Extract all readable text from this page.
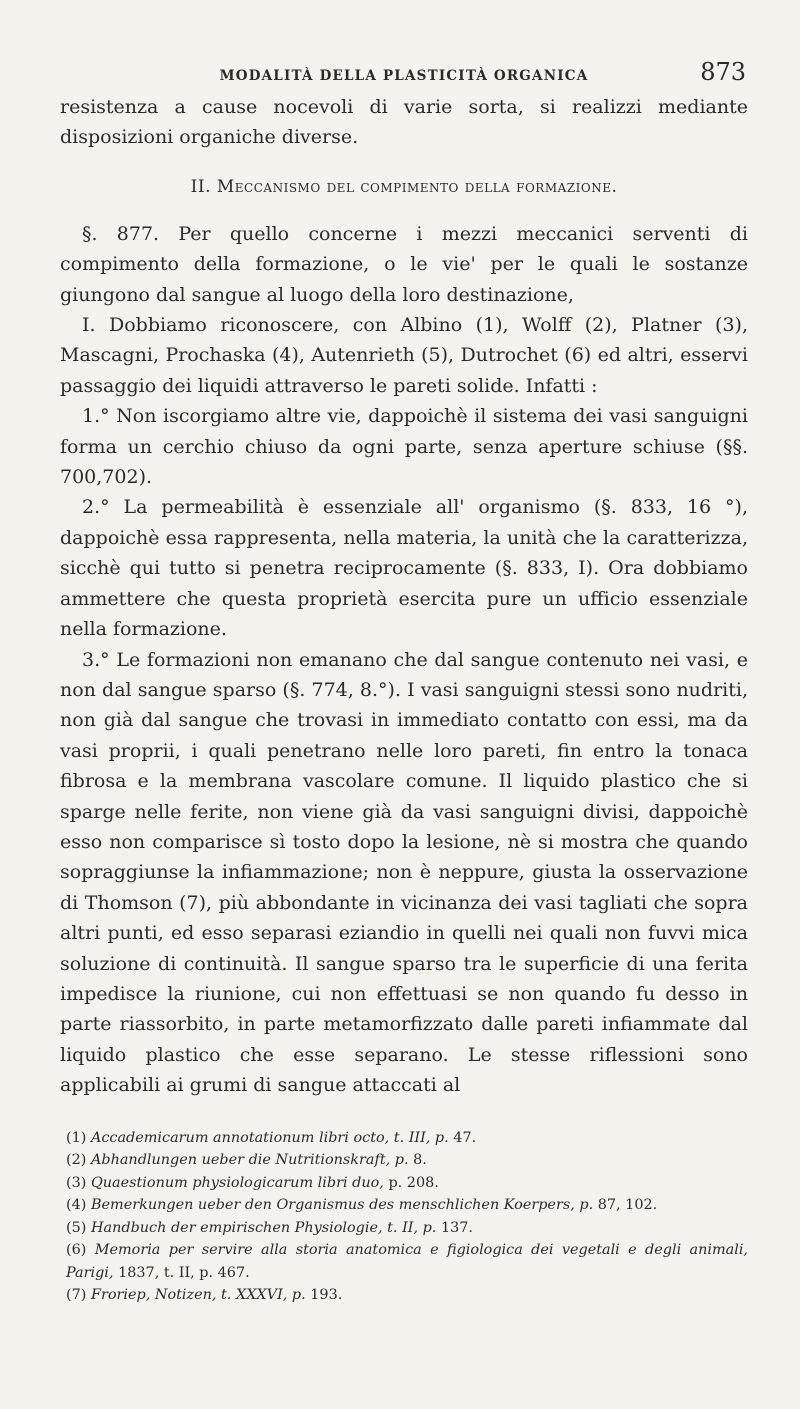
MODALITÀ DELLA PLASTICITÀ ORGANICA	873

resistenza a cause nocevoli di varie sorta, si realizzi mediante disposizioni organiche diverse.

II. Meccanismo del compimento della formazione.

§. 877. Per quello concerne i mezzi meccanici serventi di compimento della formazione, o le vie' per le quali le sostanze giungono dal sangue al luogo della loro destinazione,

I. Dobbiamo riconoscere, con Albino (1), Wolff (2), Platner (3), Mascagni, Prochaska (4), Autenrieth (5), Dutrochet (6) ed altri, esservi passaggio dei liquidi attraverso le pareti solide. Infatti :

1.° Non iscorgiamo altre vie, dappoichè il sistema dei vasi sanguigni forma un cerchio chiuso da ogni parte, senza aperture schiuse (§§. 700,702).

2.° La permeabilità è essenziale all' organismo (§. 833, 16 °), dappoichè essa rappresenta, nella materia, la unità che la caratterizza, sicchè qui tutto si penetra reciprocamente (§. 833, I). Ora dobbiamo ammettere che questa proprietà esercita pure un ufficio essenziale nella formazione.

3.° Le formazioni non emanano che dal sangue contenuto nei vasi, e non dal sangue sparso (§. 774, 8.°). I vasi sanguigni stessi sono nudriti, non già dal sangue che trovasi in immediato contatto con essi, ma da vasi proprii, i quali penetrano nelle loro pareti, fin entro la tonaca fibrosa e la membrana vascolare comune. Il liquido plastico che si sparge nelle ferite, non viene già da vasi sanguigni divisi, dappoichè esso non comparisce sì tosto dopo la lesione, nè si mostra che quando sopraggiunse la infiammazione; non è neppure, giusta la osservazione di Thomson (7), più abbondante in vicinanza dei vasi tagliati che sopra altri punti, ed esso separasi eziandio in quelli nei quali non fuvvi mica soluzione di continuità. Il sangue sparso tra le superficie di una ferita impedisce la riunione, cui non effettuasi se non quando fu desso in parte riassorbito, in parte metamorfizzato dalle pareti infiammate dal liquido plastico che esse separano. Le stesse riflessioni sono applicabili ai grumi di sangue attaccati al

(1) Accademicarum annotationum libri octo, t. III, p. 47.

(2) Abhandlungen ueber die Nutritionskraft, p. 8.

(3) Quaestionum physiologicarum libri duo, p. 208.

(4) Bemerkungen ueber den Organismus des menschlichen Koerpers, p. 87, 102.

(5) Handbuch der empirischen Physiologie, t. II, p. 137.

(6) Memoria per servire alla storia anatomica e figiologica dei vegetali e degli animali, Parigi, 1837, t. II, p. 467.

(7) Froriep, Notizen, t. XXXVI, p. 193.
